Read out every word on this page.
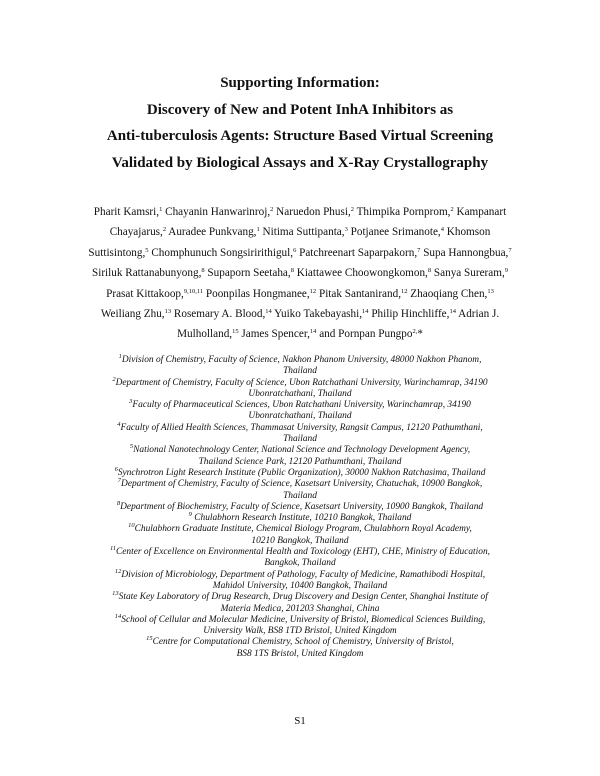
Supporting Information:
Discovery of New and Potent InhA Inhibitors as
Anti-tuberculosis Agents: Structure Based Virtual Screening
Validated by Biological Assays and X-Ray Crystallography
Pharit Kamsri,$^1$ Chayanin Hanwarinroj,$^2$ Naruedon Phusi,$^2$ Thimpika Pornprom,$^2$ Kampanart
Chayajarus,$^2$ Auradee Punkvang,$^1$ Nitima Suttipanta,$^3$ Potjanee Srimanote,$^4$ Khomson
Suttisintong,$^5$ Chomphunuch Songsiririthigul,$^6$ Patchreenart Saparpakorn,$^7$ Supa Hannongbua,$^7$
Siriluk Rattanabunyong,$^8$ Supaporn Seetaha,$^8$ Kiattawee Choowongkomon,$^8$ Sanya Sureram,$^9$
Prasat Kittakoop,$^{9,10,11}$ Poonpilas Hongmanee,$^{12}$ Pitak Santanirand,$^{12}$ Zhaoqiang Chen,$^{13}$
Weiliang Zhu,$^{13}$ Rosemary A. Blood,$^{14}$ Yuiko Takebayashi,$^{14}$ Philip Hinchliffe,$^{14}$ Adrian J.
Mulholland,$^{15}$ James Spencer,$^{14}$ and Pornpan Pungpo$^{2,}$*
$^1$Division of Chemistry, Faculty of Science, Nakhon Phanom University, 48000 Nakhon Phanom,
Thailand
$^2$Department of Chemistry, Faculty of Science, Ubon Ratchathani University, Warinchamrap, 34190
Ubonratchathani, Thailand
$^3$Faculty of Pharmaceutical Sciences, Ubon Ratchathani University, Warinchamrap, 34190
Ubonratchathani, Thailand
$^4$Faculty of Allied Health Sciences, Thammasat University, Rangsit Campus, 12120 Pathumthani,
Thailand
$^5$National Nanotechnology Center, National Science and Technology Development Agency,
Thailand Science Park, 12120 Pathumthani, Thailand
$^6$Synchrotron Light Research Institute (Public Organization), 30000 Nakhon Ratchasima, Thailand
$^7$Department of Chemistry, Faculty of Science, Kasetsart University, Chatuchak, 10900 Bangkok,
Thailand
$^8$Department of Biochemistry, Faculty of Science, Kasetsart University, 10900 Bangkok, Thailand
$^9$ Chulabhorn Research Institute, 10210 Bangkok, Thailand
$^{10}$Chulabhorn Graduate Institute, Chemical Biology Program, Chulabhorn Royal Academy,
10210 Bangkok, Thailand
$^{11}$Center of Excellence on Environmental Health and Toxicology (EHT), CHE, Ministry of Education,
Bangkok, Thailand
$^{12}$Division of Microbiology, Department of Pathology, Faculty of Medicine, Ramathibodi Hospital,
Mahidol University, 10400 Bangkok, Thailand
$^{13}$State Key Laboratory of Drug Research, Drug Discovery and Design Center, Shanghai Institute of
Materia Medica, 201203 Shanghai, China
$^{14}$School of Cellular and Molecular Medicine, University of Bristol, Biomedical Sciences Building,
University Walk, BS8 1TD Bristol, United Kingdom
$^{15}$Centre for Computational Chemistry, School of Chemistry, University of Bristol,
BS8 1TS Bristol, United Kingdom
S1
